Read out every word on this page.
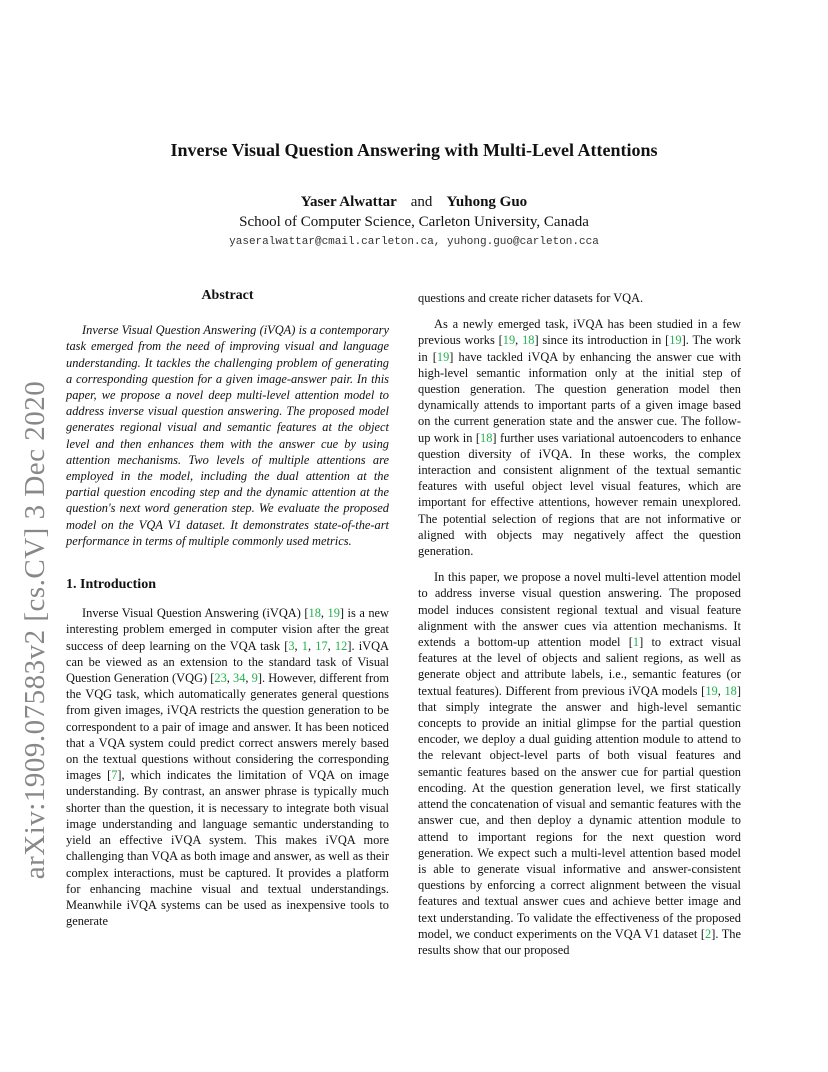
Inverse Visual Question Answering with Multi-Level Attentions
Yaser Alwattar and Yuhong Guo
School of Computer Science, Carleton University, Canada
yaseralwattar@cmail.carleton.ca, yuhong.guo@carleton.cca
arXiv:1909.07583v2 [cs.CV] 3 Dec 2020
Abstract

Inverse Visual Question Answering (iVQA) is a contemporary task emerged from the need of improving visual and language understanding. It tackles the challenging problem of generating a corresponding question for a given image-answer pair. In this paper, we propose a novel deep multi-level attention model to address inverse visual question answering. The proposed model generates regional visual and semantic features at the object level and then enhances them with the answer cue by using attention mechanisms. Two levels of multiple attentions are employed in the model, including the dual attention at the partial question encoding step and the dynamic attention at the question's next word generation step. We evaluate the proposed model on the VQA V1 dataset. It demonstrates state-of-the-art performance in terms of multiple commonly used metrics.

1. Introduction

Inverse Visual Question Answering (iVQA) [18, 19] is a new interesting problem emerged in computer vision after the great success of deep learning on the VQA task [3, 1, 17, 12]. iVQA can be viewed as an extension to the standard task of Visual Question Generation (VQG) [23, 34, 9]. However, different from the VQG task, which automatically generates general questions from given images, iVQA restricts the question generation to be correspondent to a pair of image and answer. It has been noticed that a VQA system could predict correct answers merely based on the textual questions without considering the corresponding images [7], which indicates the limitation of VQA on image understanding. By contrast, an answer phrase is typically much shorter than the question, it is necessary to integrate both visual image understanding and language semantic understanding to yield an effective iVQA system. This makes iVQA more challenging than VQA as both image and answer, as well as their complex interactions, must be captured. It provides a platform for enhancing machine visual and textual understandings. Meanwhile iVQA systems can be used as inexpensive tools to generate

questions and create richer datasets for VQA.

As a newly emerged task, iVQA has been studied in a few previous works [19, 18] since its introduction in [19]. The work in [19] have tackled iVQA by enhancing the answer cue with high-level semantic information only at the initial step of question generation. The question generation model then dynamically attends to important parts of a given image based on the current generation state and the answer cue. The follow-up work in [18] further uses variational autoencoders to enhance question diversity of iVQA. In these works, the complex interaction and consistent alignment of the textual semantic features with useful object level visual features, which are important for effective attentions, however remain unexplored. The potential selection of regions that are not informative or aligned with objects may negatively affect the question generation.

In this paper, we propose a novel multi-level attention model to address inverse visual question answering. The proposed model induces consistent regional textual and visual feature alignment with the answer cues via attention mechanisms. It extends a bottom-up attention model [1] to extract visual features at the level of objects and salient regions, as well as generate object and attribute labels, i.e., semantic features (or textual features). Different from previous iVQA models [19, 18] that simply integrate the answer and high-level semantic concepts to provide an initial glimpse for the partial question encoder, we deploy a dual guiding attention module to attend to the relevant object-level parts of both visual features and semantic features based on the answer cue for partial question encoding. At the question generation level, we first statically attend the concatenation of visual and semantic features with the answer cue, and then deploy a dynamic attention module to attend to important regions for the next question word generation. We expect such a multi-level attention based model is able to generate visual informative and answer-consistent questions by enforcing a correct alignment between the visual features and textual answer cues and achieve better image and text understanding. To validate the effectiveness of the proposed model, we conduct experiments on the VQA V1 dataset [2]. The results show that our proposed
